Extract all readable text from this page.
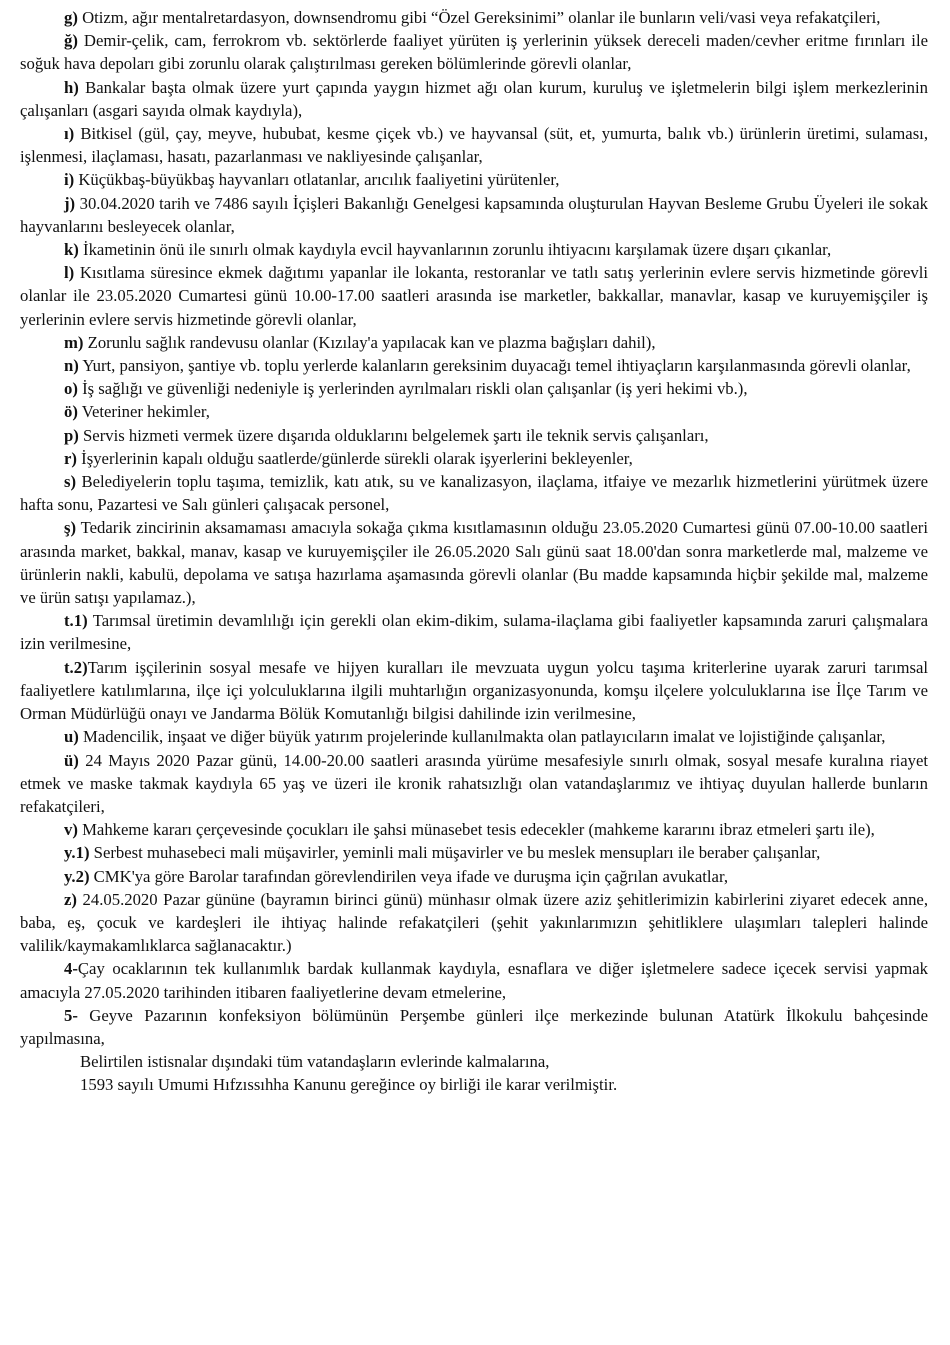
g) Otizm, ağır mentalretardasyon, downsendromu gibi “Özel Gereksinimi” olanlar ile bunların veli/vasi veya refakatçileri,

ğ) Demir-çelik, cam, ferrokrom vb. sektörlerde faaliyet yürüten iş yerlerinin yüksek dereceli maden/cevher eritme fırınları ile soğuk hava depoları gibi zorunlu olarak çalıştırılması gereken bölümlerinde görevli olanlar,

h) Bankalar başta olmak üzere yurt çapında yaygın hizmet ağı olan kurum, kuruluş ve işletmelerin bilgi işlem merkezlerinin çalışanları (asgari sayıda olmak kaydıyla),

ı) Bitkisel (gül, çay, meyve, hububat, kesme çiçek vb.) ve hayvansal (süt, et, yumurta, balık vb.) ürünlerin üretimi, sulaması, işlenmesi, ilaçlaması, hasatı, pazarlanması ve nakliyesinde çalışanlar,

i) Küçükbaş-büyükbaş hayvanları otlatanlar, arıcılık faaliyetini yürütenler,

j) 30.04.2020 tarih ve 7486 sayılı İçişleri Bakanlığı Genelgesi kapsamında oluşturulan Hayvan Besleme Grubu Üyeleri ile sokak hayvanlarını besleyecek olanlar,

k) İkametinin önü ile sınırlı olmak kaydıyla evcil hayvanlarının zorunlu ihtiyacını karşılamak üzere dışarı çıkanlar,

l) Kısıtlama süresince ekmek dağıtımı yapanlar ile lokanta, restoranlar ve tatlı satış yerlerinin evlere servis hizmetinde görevli olanlar ile 23.05.2020 Cumartesi günü 10.00-17.00 saatleri arasında ise marketler, bakkallar, manavlar, kasap ve kuruyemişçiler iş yerlerinin evlere servis hizmetinde görevli olanlar,

m) Zorunlu sağlık randevusu olanlar (Kızılay'a yapılacak kan ve plazma bağışları dahil),

n) Yurt, pansiyon, şantiye vb. toplu yerlerde kalanların gereksinim duyacağı temel ihtiyaçların karşılanmasında görevli olanlar,

o) İş sağlığı ve güvenliği nedeniyle iş yerlerinden ayrılmaları riskli olan çalışanlar (iş yeri hekimi vb.),

ö) Veteriner hekimler,

p) Servis hizmeti vermek üzere dışarıda olduklarını belgelemek şartı ile teknik servis çalışanları,

r) İşyerlerinin kapalı olduğu saatlerde/günlerde sürekli olarak işyerlerini bekleyenler,

s) Belediyelerin toplu taşıma, temizlik, katı atık, su ve kanalizasyon, ilaçlama, itfaiye ve mezarlık hizmetlerini yürütmek üzere hafta sonu, Pazartesi ve Salı günleri çalışacak personel,

ş) Tedarik zincirinin aksamaması amacıyla sokağa çıkma kısıtlamasının olduğu 23.05.2020 Cumartesi günü 07.00-10.00 saatleri arasında market, bakkal, manav, kasap ve kuruyemişçiler ile 26.05.2020 Salı günü saat 18.00'dan sonra marketlerde mal, malzeme ve ürünlerin nakli, kabulü, depolama ve satışa hazırlama aşamasında görevli olanlar (Bu madde kapsamında hiçbir şekilde mal, malzeme ve ürün satışı yapılamaz.),

t.1) Tarımsal üretimin devamlılığı için gerekli olan ekim-dikim, sulama-ilaçlama gibi faaliyetler kapsamında zaruri çalışmalara izin verilmesine,

t.2)Tarım işçilerinin sosyal mesafe ve hijyen kuralları ile mevzuata uygun yolcu taşıma kriterlerine uyarak zaruri tarımsal faaliyetlere katılımlarına, ilçe içi yolculuklarına ilgili muhtarlığın organizasyonunda, komşu ilçelere yolculuklarına ise İlçe Tarım ve Orman Müdürlüğü onayı ve Jandarma Bölük Komutanlığı bilgisi dahilinde izin verilmesine,

u) Madencilik, inşaat ve diğer büyük yatırım projelerinde kullanılmakta olan patlayıcıların imalat ve lojistiğinde çalışanlar,

ü) 24 Mayıs 2020 Pazar günü, 14.00-20.00 saatleri arasında yürüme mesafesiyle sınırlı olmak, sosyal mesafe kuralına riayet etmek ve maske takmak kaydıyla 65 yaş ve üzeri ile kronik rahatsızlığı olan vatandaşlarımız ve ihtiyaç duyulan hallerde bunların refakatçileri,

v) Mahkeme kararı çerçevesinde çocukları ile şahsi münasebet tesis edecekler (mahkeme kararını ibraz etmeleri şartı ile),

y.1) Serbest muhasebeci mali müşavirler, yeminli mali müşavirler ve bu meslek mensupları ile beraber çalışanlar,

y.2) CMK'ya göre Barolar tarafından görevlendirilen veya ifade ve duruşma için çağrılan avukatlar,

z) 24.05.2020 Pazar gününe (bayramın birinci günü) münhasır olmak üzere aziz şehitlerimizin kabirlerini ziyaret edecek anne, baba, eş, çocuk ve kardeşleri ile ihtiyaç halinde refakatçileri (şehit yakınlarımızın şehitliklere ulaşımları talepleri halinde valilik/kaymakamlıklarca sağlanacaktır.)

4-Çay ocaklarının tek kullanımlık bardak kullanmak kaydıyla, esnaflara ve diğer işletmelere sadece içecek servisi yapmak amacıyla 27.05.2020 tarihinden itibaren faaliyetlerine devam etmelerine,

5- Geyve Pazarının konfeksiyon bölümünün Perşembe günleri ilçe merkezinde bulunan Atatürk İlkokulu bahçesinde yapılmasına,

Belirtilen istisnalar dışındaki tüm vatandaşların evlerinde kalmalarına,

1593 sayılı Umumi Hıfzıssıhha Kanunu gereğince oy birliği ile karar verilmiştir.
